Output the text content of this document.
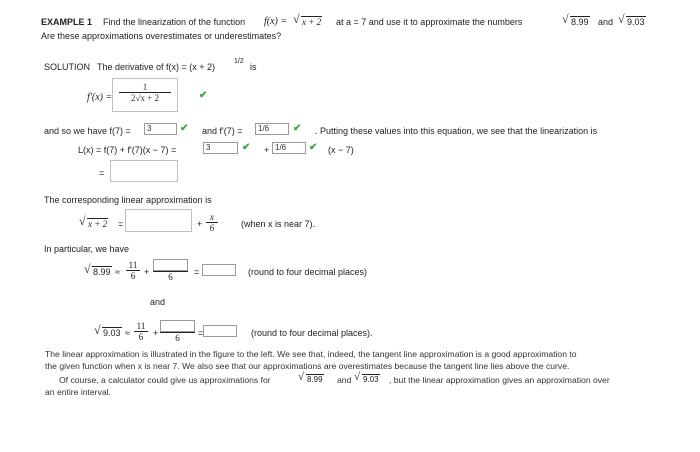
EXAMPLE 1 Find the linearization of the function f(x) = √ x + 2 at a = 7 and use it to approximate the numbers	√ 8.99 and √ 9.03
Are these approximations overestimates or underestimates?
SOLUTION The derivative of f(x) = (x + 2)
1/2
is
$f'(x) = \frac{1}{2√x + 2}$	✔
and so we have f(7) =	3	✔ and f'(7) =	1/6	✔ . Putting these values into this equation, we see that the linearization is
L(x) = f(7) + f'(7)(x − 7) =	3	✔ + 1/6	✔ (x − 7)
=
The corresponding linear approximation is
√ x + 2 =	+ $\frac{x}{6}$	(when x is near 7).
In particular, we have
√ $8.99 \approx \frac{11}{6}$ +	6	=	(round to four decimal places)
and
√ $9.03 \approx \frac{11}{6}$ +	6	=	(round to four decimal places).
The linear approximation is illustrated in the figure to the left. We see that, indeed, the tangent line approximation is a good approximation to
the given function when x is near 7. We also see that our approximations are overestimates because the tangent line lies above the curve.
Of course, a calculator could give us approximations for √ 8.99 and √ 9.03 , but the linear approximation gives an approximation over
an entire interval.
